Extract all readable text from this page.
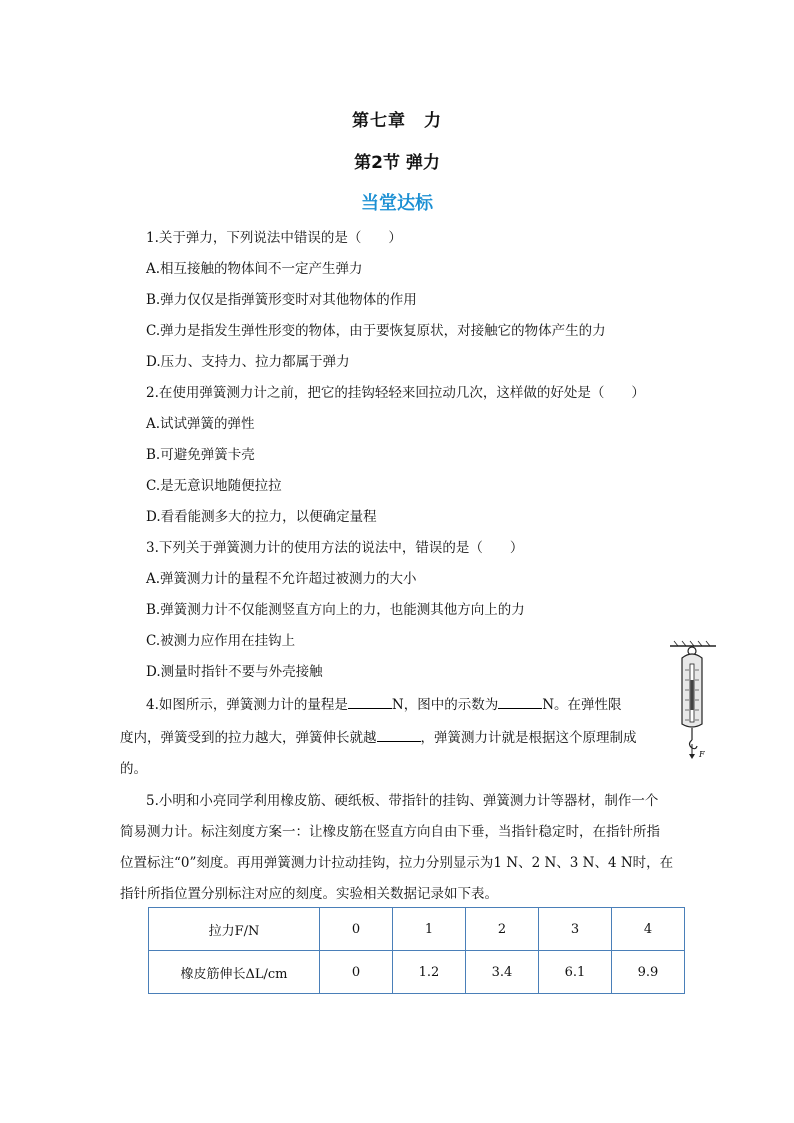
第七章　力
第2节 弹力
当堂达标
1.关于弹力，下列说法中错误的是（　　）
A.相互接触的物体间不一定产生弹力
B.弹力仅仅是指弹簧形变时对其他物体的作用
C.弹力是指发生弹性形变的物体，由于要恢复原状，对接触它的物体产生的力
D.压力、支持力、拉力都属于弹力
2.在使用弹簧测力计之前，把它的挂钩轻轻来回拉动几次，这样做的好处是（　　）
A.试试弹簧的弹性
B.可避免弹簧卡壳
C.是无意识地随便拉拉
D.看看能测多大的拉力，以便确定量程
3.下列关于弹簧测力计的使用方法的说法中，错误的是（　　）
A.弹簧测力计的量程不允许超过被测力的大小
B.弹簧测力计不仅能测竖直方向上的力，也能测其他方向上的力
C.被测力应作用在挂钩上
D.测量时指针不要与外壳接触
4.如图所示，弹簧测力计的量程是	N，图中的示数为	N。在弹性限
度内，弹簧受到的拉力越大，弹簧伸长就越	，弹簧测力计就是根据这个原理制成
的。
F
5.小明和小亮同学利用橡皮筋、硬纸板、带指针的挂钩、弹簧测力计等器材，制作一个
简易测力计。标注刻度方案一：让橡皮筋在竖直方向自由下垂，当指针稳定时，在指针所指
位置标注“0”刻度。再用弹簧测力计拉动挂钩，拉力分别显示为1 N、2 N、3 N、4 N时，在
指针所指位置分别标注对应的刻度。实验相关数据记录如下表。
拉力F/N	0	1	2	3	4
橡皮筋伸长ΔL/cm	0	1.2	3.4	6.1	9.9
